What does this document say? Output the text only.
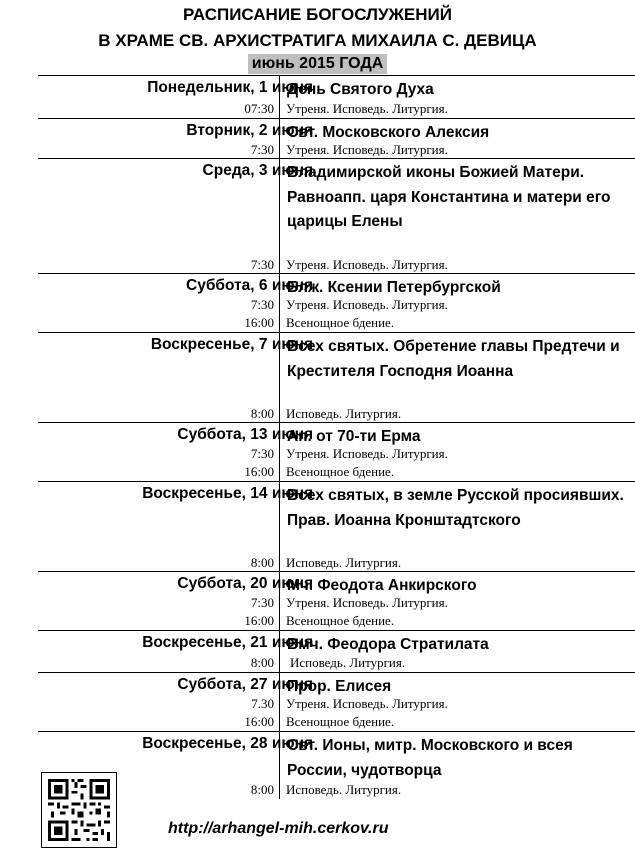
РАСПИСАНИЕ БОГОСЛУЖЕНИЙ
В ХРАМЕ СВ. АРХИСТРАТИГА МИХАИЛА С. ДЕВИЦА
июнь 2015 ГОДА
Понедельник, 1 июня
День Святого Духа
07:30 Утреня. Исповедь. Литургия.
Вторник, 2 июня
Свт. Московского Алексия
7:30 Утреня. Исповедь. Литургия.
Среда, 3 июня
Владимирской иконы Божией Матери. Равноапп. царя Константина и матери его царицы Елены
7:30 Утреня. Исповедь. Литургия.
Суббота, 6 июня
Блж. Ксении Петербургской
7:30 Утреня. Исповедь. Литургия.
16:00 Всенощное бдение.
Воскресенье, 7 июня
Всех святых. Обретение главы Предтечи и Крестителя Господня Иоанна
8:00 Исповедь. Литургия.
Суббота, 13 июня
Ап. от 70-ти Ерма
7:30 Утреня. Исповедь. Литургия.
16:00 Всенощное бдение.
Воскресенье, 14 июня
Всех святых, в земле Русской просиявших. Прав. Иоанна Кронштадтского
8:00 Исповедь. Литургия.
Суббота, 20 июня
Мч. Феодота Анкирского
7:30 Утреня. Исповедь. Литургия.
16:00 Всенощное бдение.
Воскресенье, 21 июня
Вмч. Феодора Стратилата
8:00 Исповедь. Литургия.
Суббота, 27 июня
Прор. Елисея
7.30 Утреня. Исповедь. Литургия.
16:00 Всенощное бдение.
Воскресенье, 28 июня
Свт. Ионы, митр. Московского и всея России, чудотворца
8:00 Исповедь. Литургия.
http://arhangel-mih.cerkov.ru
